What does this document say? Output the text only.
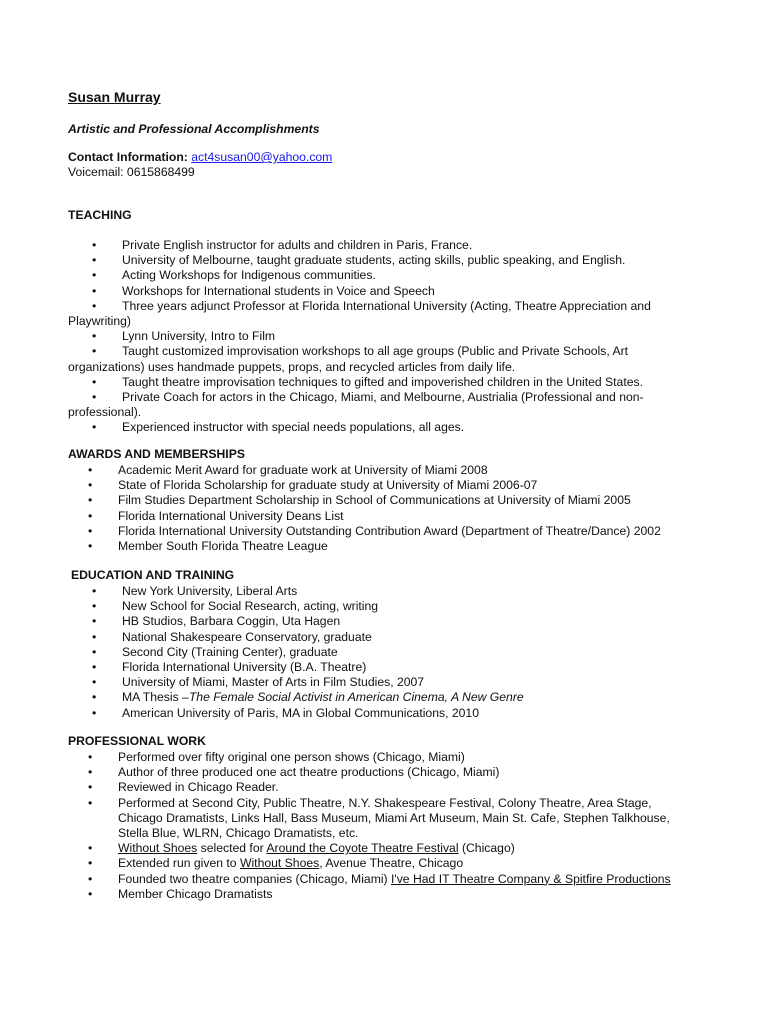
Susan Murray
Artistic and Professional Accomplishments
Contact Information: act4susan00@yahoo.com
Voicemail: 0615868499
TEACHING
• Private English instructor for adults and children in Paris, France.
• University of Melbourne, taught graduate students, acting skills, public speaking, and English.
• Acting Workshops for Indigenous communities.
• Workshops for International students in Voice and Speech
• Three years adjunct Professor at Florida International University (Acting, Theatre Appreciation and Playwriting)
• Lynn University, Intro to Film
• Taught customized improvisation workshops to all age groups (Public and Private Schools, Art organizations) uses handmade puppets, props, and recycled articles from daily life.
• Taught theatre improvisation techniques to gifted and impoverished children in the United States.
• Private Coach for actors in the Chicago, Miami, and Melbourne, Austrialia (Professional and non-professional).
• Experienced instructor with special needs populations, all ages.
AWARDS AND MEMBERSHIPS
• Academic Merit Award for graduate work at University of Miami 2008
• State of Florida Scholarship for graduate study at University of Miami 2006-07
• Film Studies Department Scholarship in School of Communications at University of Miami 2005
• Florida International University Deans List
• Florida International University Outstanding Contribution Award (Department of Theatre/Dance) 2002
• Member South Florida Theatre League
EDUCATION AND TRAINING
• New York University, Liberal Arts
• New School for Social Research, acting, writing
• HB Studios, Barbara Coggin, Uta Hagen
• National Shakespeare Conservatory, graduate
• Second City (Training Center), graduate
• Florida International University (B.A. Theatre)
• University of Miami, Master of Arts in Film Studies, 2007
• MA Thesis –The Female Social Activist in American Cinema, A New Genre
• American University of Paris, MA in Global Communications, 2010
PROFESSIONAL WORK
• Performed over fifty original one person shows (Chicago, Miami)
• Author of three produced one act theatre productions (Chicago, Miami)
• Reviewed in Chicago Reader.
• Performed at Second City, Public Theatre, N.Y. Shakespeare Festival, Colony Theatre, Area Stage, Chicago Dramatists, Links Hall, Bass Museum, Miami Art Museum, Main St. Cafe, Stephen Talkhouse, Stella Blue, WLRN, Chicago Dramatists, etc.
• Without Shoes selected for Around the Coyote Theatre Festival (Chicago)
• Extended run given to Without Shoes, Avenue Theatre, Chicago
• Founded two theatre companies (Chicago, Miami) I've Had IT Theatre Company & Spitfire Productions
• Member Chicago Dramatists
